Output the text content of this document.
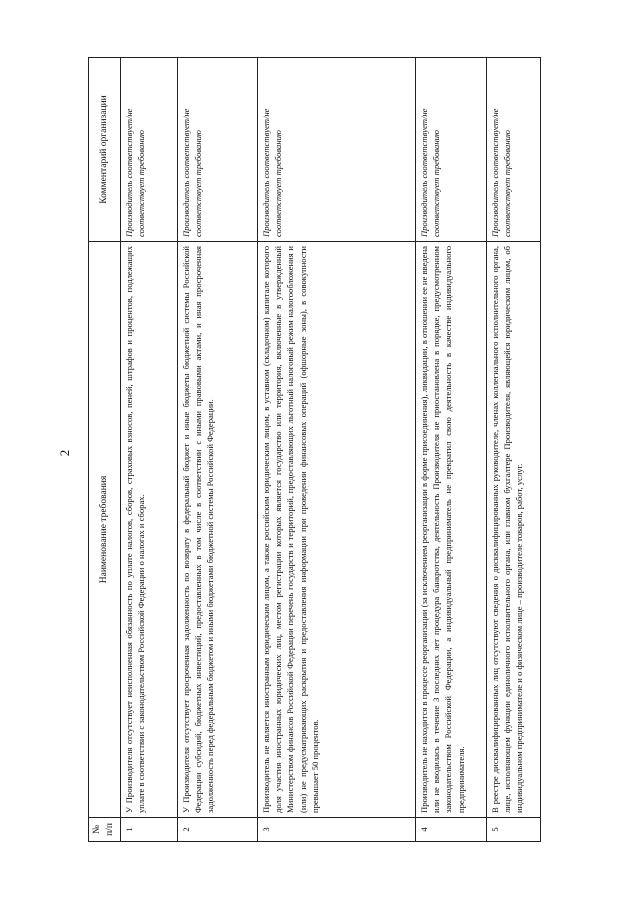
2
№ п/п	Наименование требования	Комментарий организации
1	У Производителя отсутствует неисполненная обязанность по уплате налогов, сборов, страховых взносов, пеней, штрафов и процентов, подлежащих уплате в соответствии с законодательством Российской Федерации о налогах и сборах.	Производитель соответствует/не соответствует требованию
2	У Производителя отсутствует просроченная задолженность по возврату в федеральный бюджет и иные бюджеты бюджетной системы Российской Федерации субсидий, бюджетных инвестиций, предоставленных в том числе в соответствии с иными правовыми актами, и иная просроченная задолженность перед федеральным бюджетом и иными бюджетами бюджетной системы Российской Федерации.	Производитель соответствует/не соответствует требованию
3	Производитель не является иностранным юридическим лицом, а также российским юридическим лицом, в уставном (складочном) капитале которого доля участия иностранных юридических лиц, местом регистрации которых является государство или территория, включенные в утвержденный Министерством финансов Российской Федерации перечень государств и территорий, предоставляющих льготный налоговый режим налогообложения и (или) не предусматривающих раскрытия и предоставления информации при проведении финансовых операций (офшорные зоны), в совокупности превышает 50 процентов.	Производитель соответствует/не соответствует требованию
4	Производитель не находится в процессе реорганизации (за исключением реорганизации в форме присоединения), ликвидации, в отношении ее не введена или не вводилась в течение 3 последних лет процедура банкротства, деятельность Производителя не приостановлена в порядке, предусмотренном законодательством Российской Федерации, а индивидуальный предприниматель не прекратил свою деятельность в качестве индивидуального предпринимателя.	Производитель соответствует/не соответствует требованию
5	В реестре дисквалифицированных лиц отсутствуют сведения о дисквалифицированных руководителе, членах коллегиального исполнительного органа, лице, исполняющем функции единоличного исполнительного органа, или главном бухгалтере Производителя, являющейся юридическим лицом, об индивидуальном предпринимателе и о физическом лице – производителе товаров, работ, услуг.	Производитель соответствует/не соответствует требованию
